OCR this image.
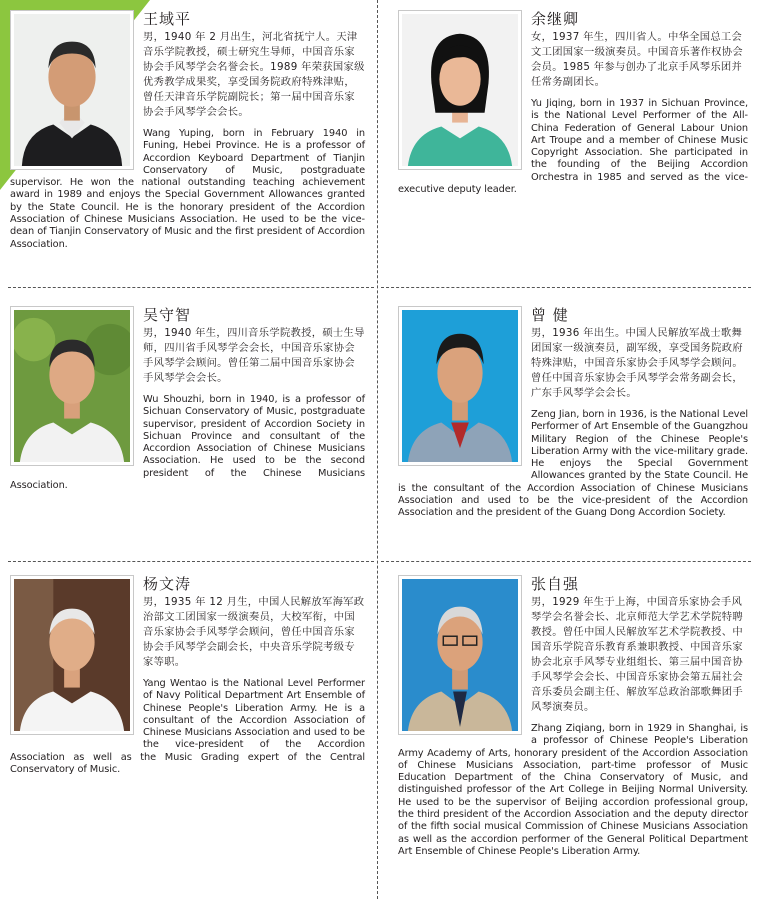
王域平

男，1940 年 2 月出生，河北省抚宁人。天津音乐学院教授，硕士研究生导师，中国音乐家协会手风琴学会名誉会长。1989 年荣获国家级优秀教学成果奖，享受国务院政府特殊津贴，曾任天津音乐学院副院长；第一届中国音乐家协会手风琴学会会长。

Wang Yuping, born in February 1940 in Funing, Hebei Province. He is a professor of Accordion Keyboard Department of Tianjin Conservatory of Music, postgraduate supervisor. He won the national outstanding teaching achievement award in 1989 and enjoys the Special Government Allowances granted by the State Council. He is the honorary president of the Accordion Association of Chinese Musicians Association. He used to be the vice-dean of Tianjin Conservatory of Music and the first president of Accordion Association.

余继卿

女，1937 年生，四川省人。中华全国总工会文工团国家一级演奏员。中国音乐著作权协会会员。1985 年参与创办了北京手风琴乐团并任常务副团长。

Yu Jiqing, born in 1937 in Sichuan Province, is the National Level Performer of the All-China Federation of General Labour Union Art Troupe and a member of Chinese Music Copyright Association. She participated in the founding of the Beijing Accordion Orchestra in 1985 and served as the vice-executive deputy leader.

吴守智

男，1940 年生，四川音乐学院教授，硕士生导师，四川省手风琴学会会长，中国音乐家协会手风琴学会顾问。曾任第二届中国音乐家协会手风琴学会会长。

Wu Shouzhi, born in 1940, is a professor of Sichuan Conservatory of Music, postgraduate supervisor, president of Accordion Society in Sichuan Province and consultant of the Accordion Association of Chinese Musicians Association. He used to be the second president of the Chinese Musicians Association.

曾 健

男，1936 年出生。中国人民解放军战士歌舞团国家一级演奏员，副军级，享受国务院政府特殊津贴，中国音乐家协会手风琴学会顾问。曾任中国音乐家协会手风琴学会常务副会长，广东手风琴学会会长。

Zeng Jian, born in 1936, is the National Level Performer of Art Ensemble of the Guangzhou Military Region of the Chinese People's Liberation Army with the vice-military grade. He enjoys the Special Government Allowances granted by the State Council. He is the consultant of the Accordion Association of Chinese Musicians Association and used to be the vice-president of the Accordion Association and the president of the Guang Dong Accordion Society.

杨文涛

男，1935 年 12 月生，中国人民解放军海军政治部文工团国家一级演奏员，大校军衔，中国音乐家协会手风琴学会顾问，曾任中国音乐家协会手风琴学会副会长，中央音乐学院考级专家等职。

Yang Wentao is the National Level Performer of Navy Political Department Art Ensemble of Chinese People's Liberation Army. He is a consultant of the Accordion Association of Chinese Musicians Association and used to be the vice-president of the Accordion Association as well as the Music Grading expert of the Central Conservatory of Music.

张自强

男，1929 年生于上海，中国音乐家协会手风琴学会名誉会长、北京师范大学艺术学院特聘教授。曾任中国人民解放军艺术学院教授、中国音乐学院音乐教育系兼职教授、中国音乐家协会北京手风琴专业组组长、第三届中国音协手风琴学会会长、中国音乐家协会第五届社会音乐委员会副主任、解放军总政治部歌舞团手风琴演奏员。

Zhang Ziqiang, born in 1929 in Shanghai, is a professor of Chinese People's Liberation Army Academy of Arts, honorary president of the Accordion Association of Chinese Musicians Association, part-time professor of Music Education Department of the China Conservatory of Music, and distinguished professor of the Art College in Beijing Normal University. He used to be the supervisor of Beijing accordion professional group, the third president of the Accordion Association and the deputy director of the fifth social musical Commission of Chinese Musicians Association as well as the accordion performer of the General Political Department Art Ensemble of Chinese People's Liberation Army.
